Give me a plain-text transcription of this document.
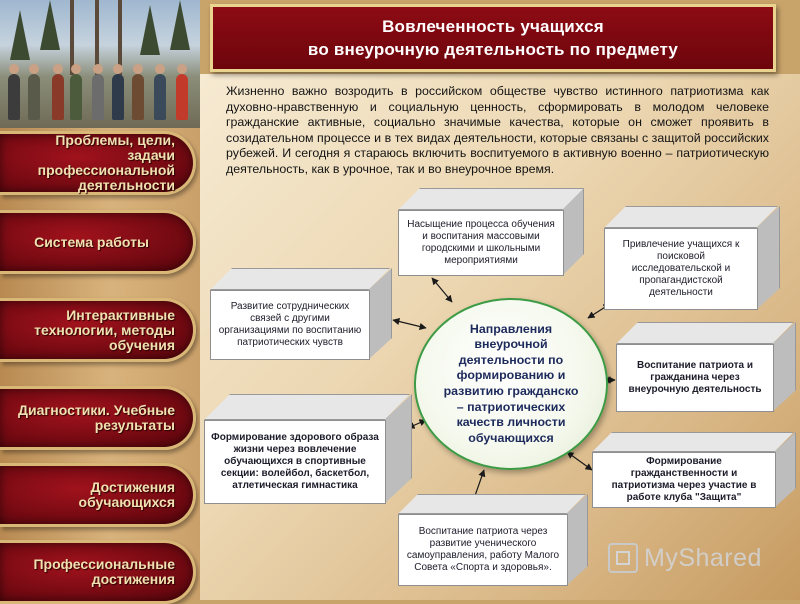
Проблемы, цели, задачи профессиональной деятельности
Система работы
Интерактивные технологии, методы обучения
Диагностики. Учебные результаты
Достижения обучающихся
Профессиональные достижения
Вовлеченность учащихся
во внеурочную деятельность по предмету
Жизненно важно возродить в российском обществе чувство истинного патриотизма как духовно-нравственную и социальную ценность, сформировать в молодом человеке гражданские активные, социально значимые качества, которые он сможет проявить в созидательном процессе и в тех видах деятельности, которые связаны с защитой российских рубежей. И сегодня я стараюсь включить воспитуемого в активную военно – патриотическую деятельность, как в урочное, так и во внеурочное время.
Насыщение процесса обучения и воспитания массовыми городскими и школьными мероприятиями
Привлечение учащихся к поисковой исследовательской и пропагандистской деятельности
Развитие сотруднических связей с другими организациями по воспитанию патриотических чувств
Воспитание патриота и гражданина через внеурочную деятельность
Формирование здорового образа жизни через вовлечение обучающихся в спортивные секции: волейбол, баскетбол, атлетическая гимнастика
Формирование гражданственности и патриотизма через участие в работе клуба "Защита"
Воспитание патриота через развитие ученического самоуправления, работу Малого Совета «Спорта и здоровья».
Направления внеурочной деятельности по формированию и развитию гражданско – патриотических качеств личности обучающихся
MyShared
